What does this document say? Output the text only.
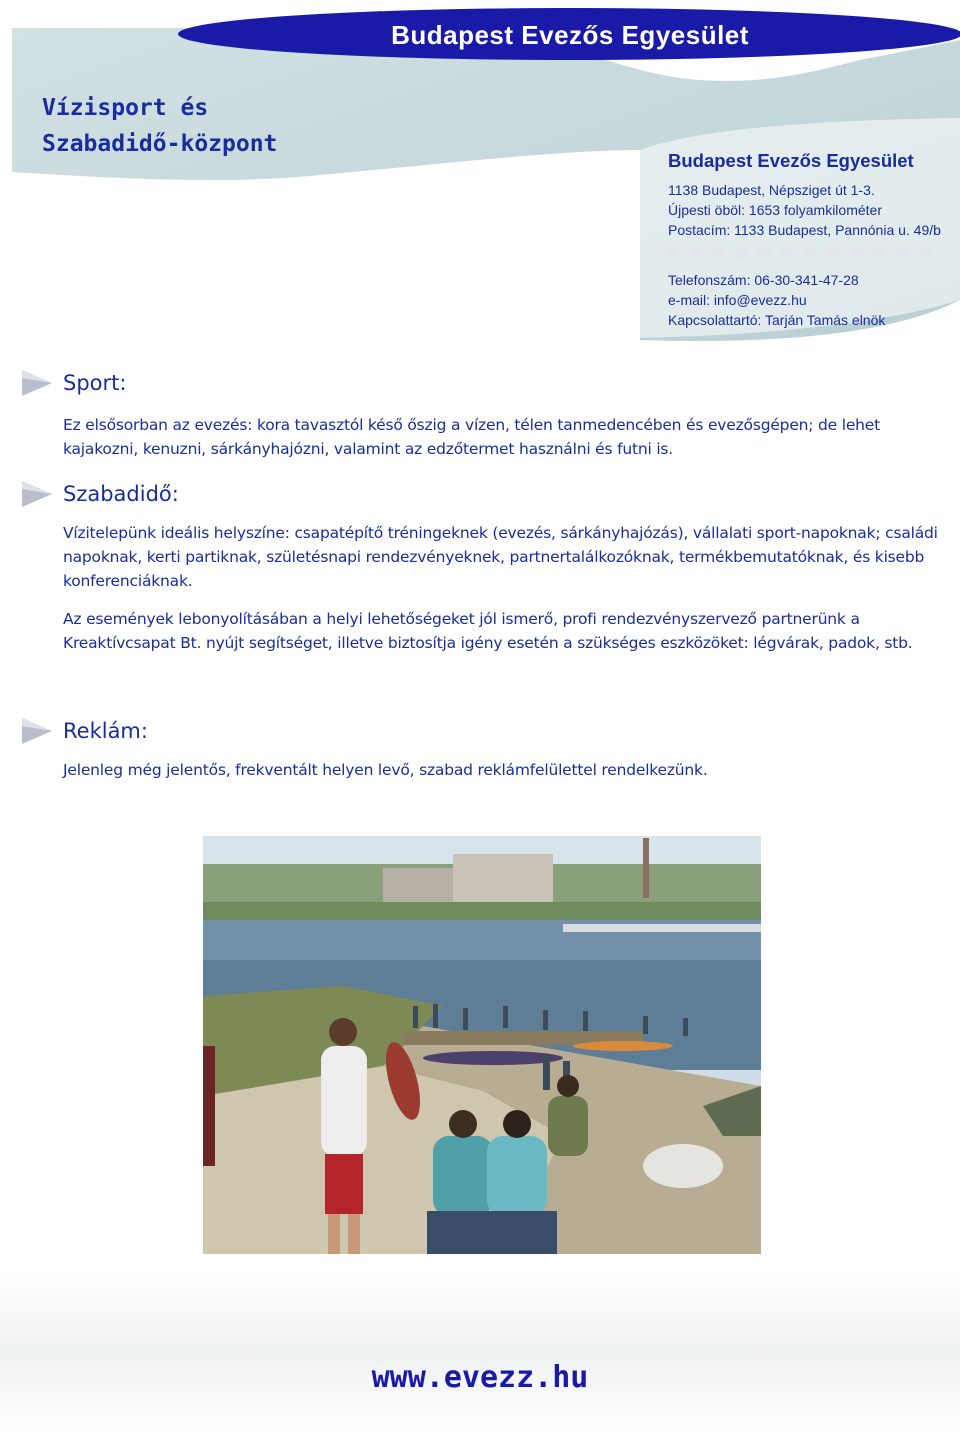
Budapest Evezős Egyesület
Vízisport és
Szabadidő-központ
Budapest Evezős Egyesület
1138 Budapest, Népsziget út 1-3.
Újpesti öböl: 1653 folyamkilométer
Postacím: 1133 Budapest, Pannónia u. 49/b
Telefonszám: 06-30-341-47-28
e-mail: info@evezz.hu
Kapcsolattartó: Tarján Tamás elnök
Sport:

Ez elsősorban az evezés: kora tavasztól késő őszig a vízen, télen tanmedencében és evezősgépen; de lehet kajakozni, kenuzni, sárkányhajózni, valamint az edzőtermet használni és futni is.

Szabadidő:

Vízitelepünk ideális helyszíne: csapatépítő tréningeknek (evezés, sárkányhajózás), vállalati sport-napoknak; családi napoknak, kerti partiknak, születésnapi rendezvényeknek, partnertalálkozóknak, termékbemutatóknak, és kisebb konferenciáknak.

Az események lebonyolításában a helyi lehetőségeket jól ismerő, profi rendezvényszervező partnerünk a Kreaktívcsapat Bt. nyújt segítséget, illetve biztosítja igény esetén a szükséges eszközöket: légvárak, padok, stb.

Reklám:

Jelenleg még jelentős, frekventált helyen levő, szabad reklámfelülettel rendelkezünk.

www.evezz.hu
